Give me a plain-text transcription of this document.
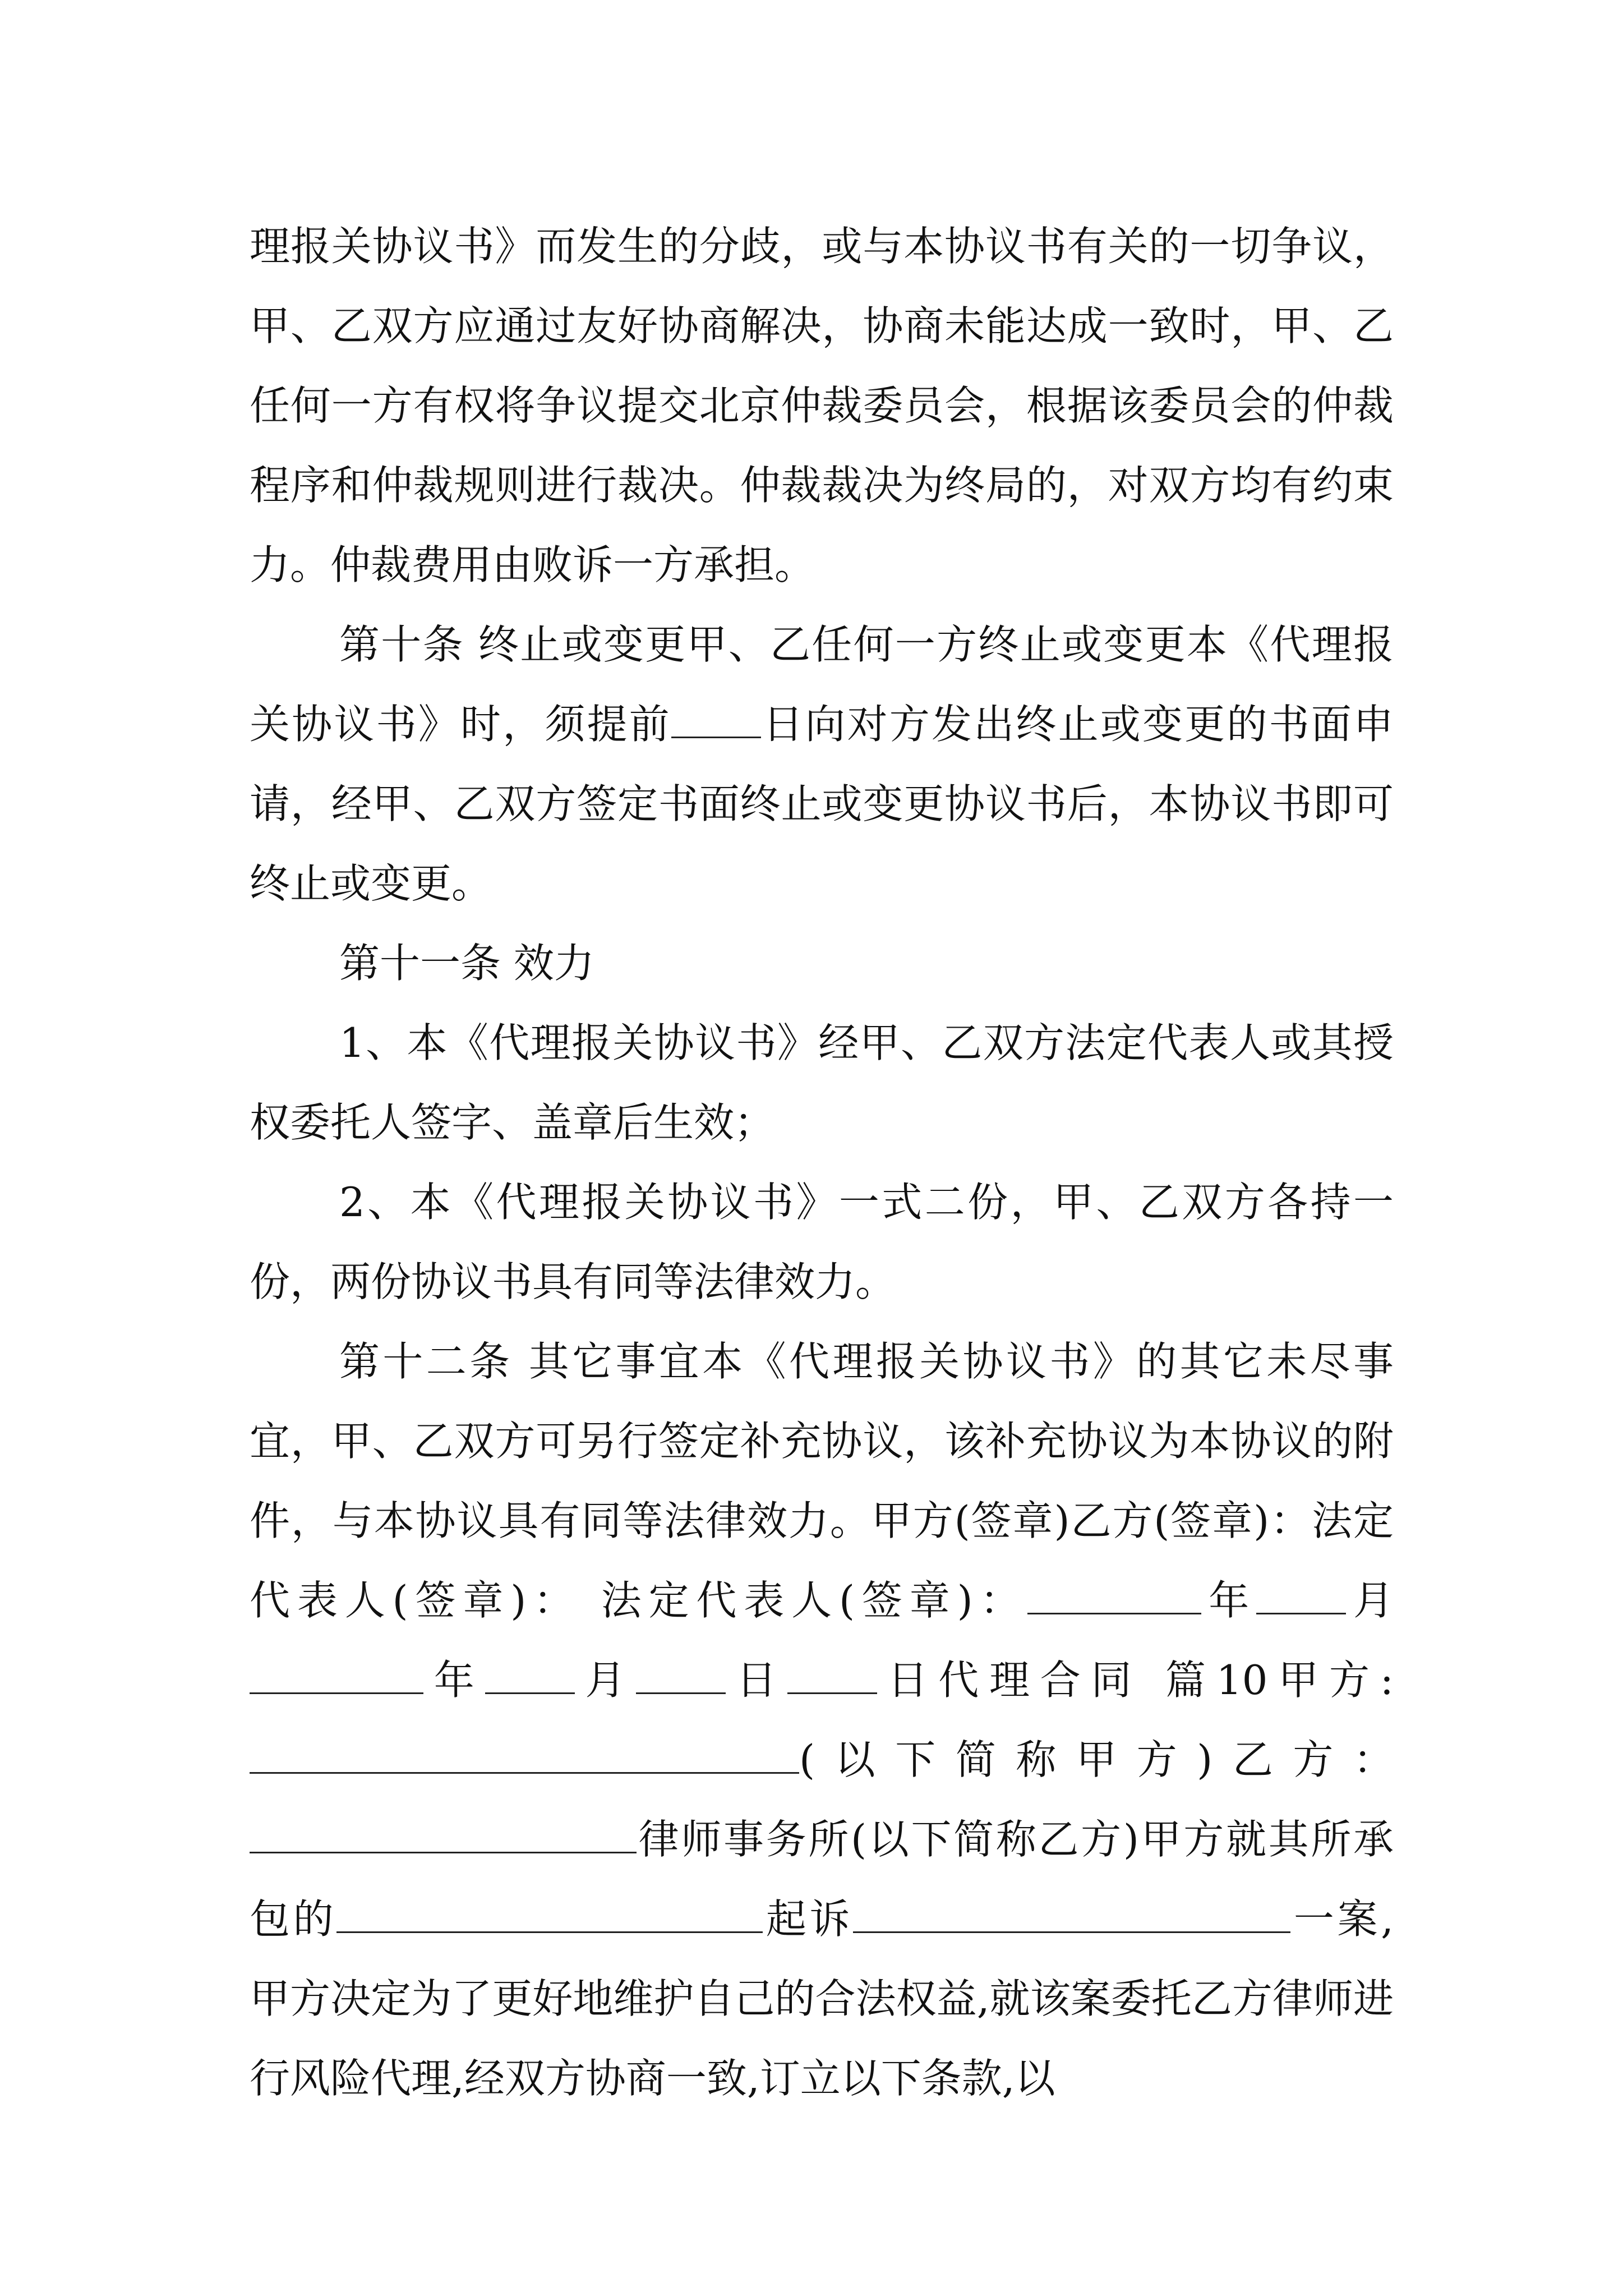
理报关协议书》而发生的分歧，或与本协议书有关的一切争议，甲、乙双方应通过友好协商解决，协商未能达成一致时，甲、乙任何一方有权将争议提交北京仲裁委员会，根据该委员会的仲裁程序和仲裁规则进行裁决。仲裁裁决为终局的，对双方均有约束力。仲裁费用由败诉一方承担。

第十条 终止或变更甲、乙任何一方终止或变更本《代理报关协议书》时，须提前 日向对方发出终止或变更的书面申请，经甲、乙双方签定书面终止或变更协议书后，本协议书即可终止或变更。

第十一条 效力

1、本《代理报关协议书》经甲、乙双方法定代表人或其授权委托人签字、盖章后生效；

2、本《代理报关协议书》一式二份，甲、乙双方各持一份，两份协议书具有同等法律效力。

第十二条 其它事宜本《代理报关协议书》的其它未尽事宜，甲、乙双方可另行签定补充协议，该补充协议为本协议的附件，与本协议具有同等法律效力。甲方(签章)乙方(签章)：法定代表人(签章)： 法定代表人(签章)：	年 月年 月 日 日代理合同 篇10甲方:(以下简称甲方)乙方：律师事务所(以下简称乙方)甲方就其所承包的	起诉	一案,甲方决定为了更好地维护自己的合法权益,就该案委托乙方律师进行风险代理,经双方协商一致,订立以下条款,以
